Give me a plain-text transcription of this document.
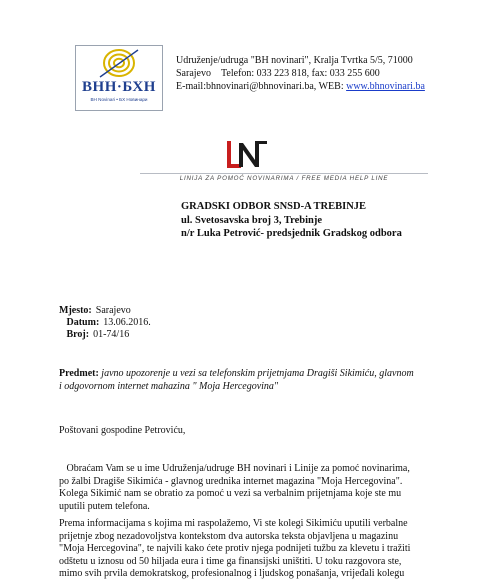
ВНН·БХН
BH Novinari • БХ Новинари
Udruženje/udruga "BH novinari", Kralja Tvrtka 5/5, 71000
Sarajevo Telefon: 033 223 818, fax: 033 255 600
E-mail:bhnovinari@bhnovinari.ba, WEB: www.bhnovinari.ba
LINIJA ZA POMOĆ NOVINARIMA / FREE MEDIA HELP LINE
GRADSKI ODBOR SNSD-A TREBINJE
ul. Svetosavska broj 3, Trebinje
n/r Luka Petrović- predsjednik Gradskog odbora
Mjesto: Sarajevo
Datum: 13.06.2016.
Broj: 01-74/16
Predmet: javno upozorenje u vezi sa telefonskim prijetnjama Dragiši Sikimiću, glavnom
i odgovornom internet mahazina " Moja Hercegovina"
Poštovani gospodine Petroviću,
Obraćam Vam se u ime Udruženja/udruge BH novinari i Linije za pomoć novinarima,
po žalbi Dragiše Sikimića - glavnog urednika internet magazina "Moja Hercegovina".
Kolega Sikimić nam se obratio za pomoć u vezi sa verbalnim prijetnjama koje ste mu
uputili putem telefona.
Prema informacijama s kojima mi raspolažemo, Vi ste kolegi Sikimiću uputili verbalne
prijetnje zbog nezadovoljstva kontekstom dva autorska teksta objavljena u magazinu
"Moja Hercegovina", te najvili kako ćete protiv njega podnijeti tužbu za klevetu i tražiti
odštetu u iznosu od 50 hiljada eura i time ga finansijski uništiti. U toku razgovora ste,
mimo svih prvila demokratskog, profesionalnog i ljudskog ponašanja, vrijeđali kolegu
